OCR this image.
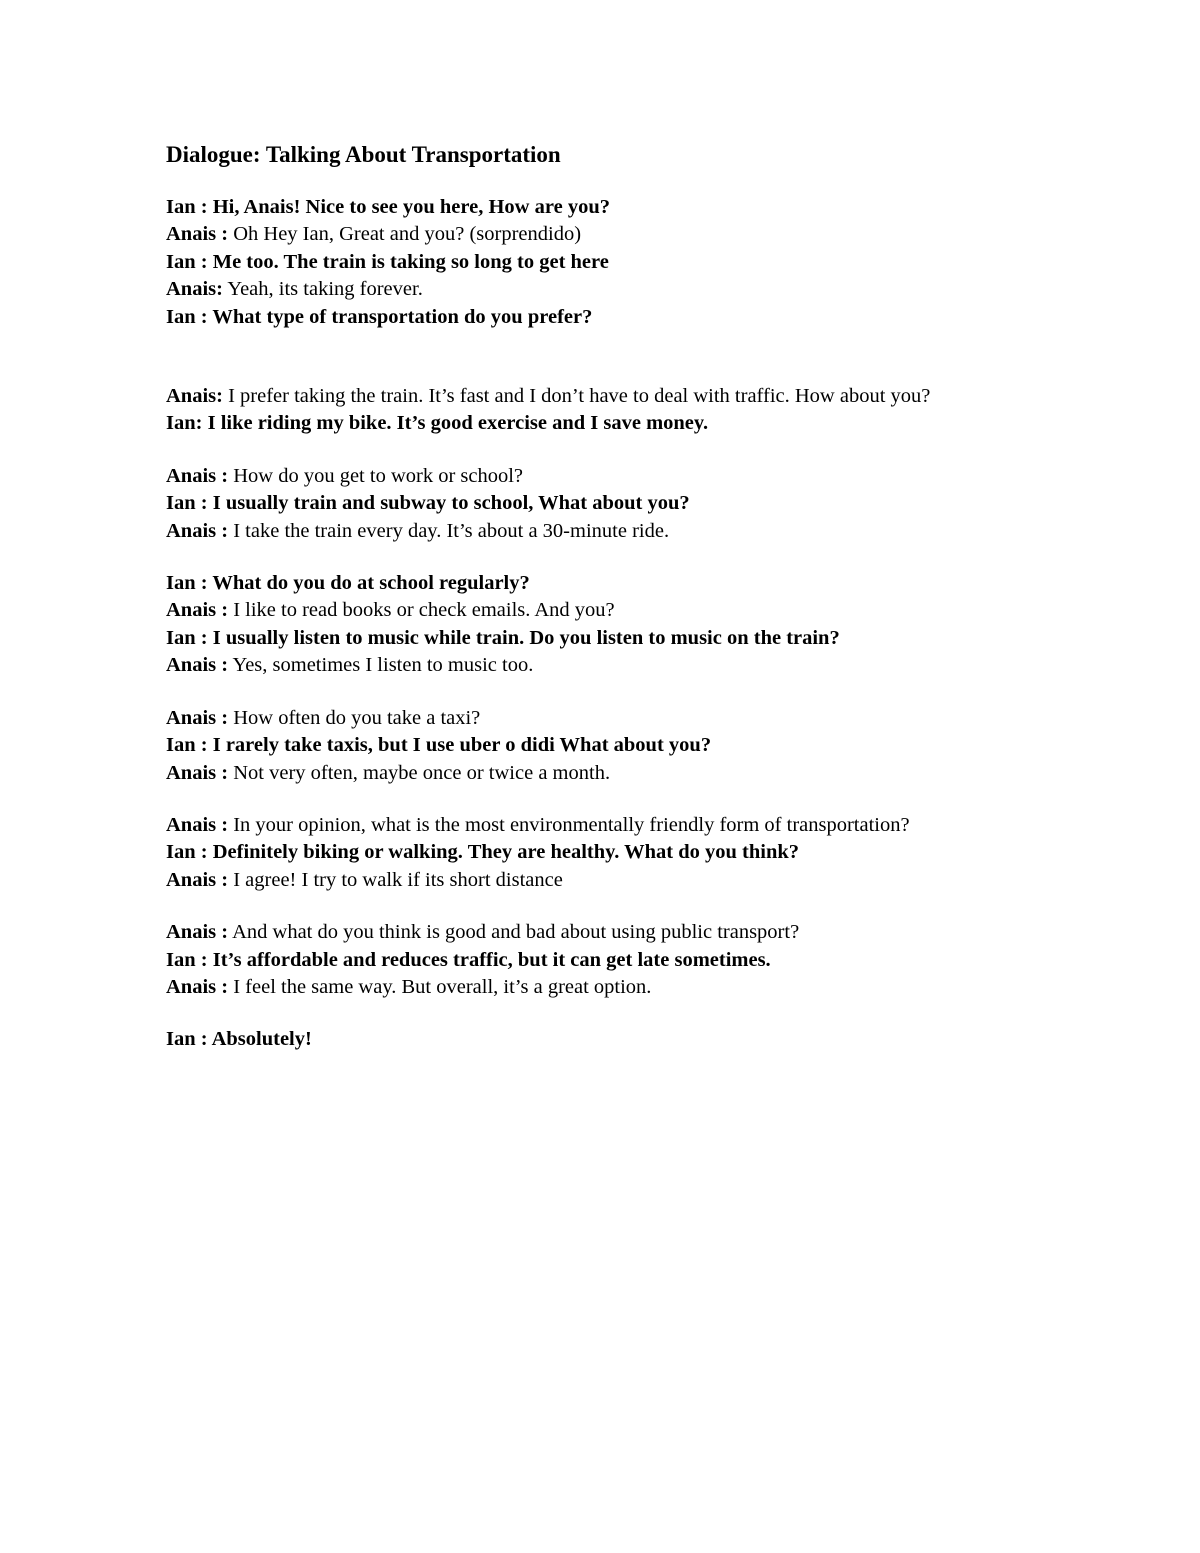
Dialogue: Talking About Transportation

Ian : Hi, Anais! Nice to see you here, How are you?

Anais : Oh Hey Ian, Great and you? (sorprendido)

Ian : Me too. The train is taking so long to get here

Anais: Yeah, its taking forever.

Ian : What type of transportation do you prefer?

Anais: I prefer taking the train. It’s fast and I don’t have to deal with traffic. How about you?

Ian: I like riding my bike. It’s good exercise and I save money.

Anais : How do you get to work or school?

Ian : I usually train and subway to school, What about you?

Anais : I take the train every day. It’s about a 30-minute ride.

Ian : What do you do at school regularly?

Anais : I like to read books or check emails. And you?

Ian : I usually listen to music while train. Do you listen to music on the train?

Anais : Yes, sometimes I listen to music too.

Anais : How often do you take a taxi?

Ian : I rarely take taxis, but I use uber o didi What about you?

Anais : Not very often, maybe once or twice a month.

Anais : In your opinion, what is the most environmentally friendly form of transportation?

Ian : Definitely biking or walking. They are healthy. What do you think?

Anais : I agree! I try to walk if its short distance

Anais : And what do you think is good and bad about using public transport?

Ian : It’s affordable and reduces traffic, but it can get late sometimes.

Anais : I feel the same way. But overall, it’s a great option.

Ian : Absolutely!
